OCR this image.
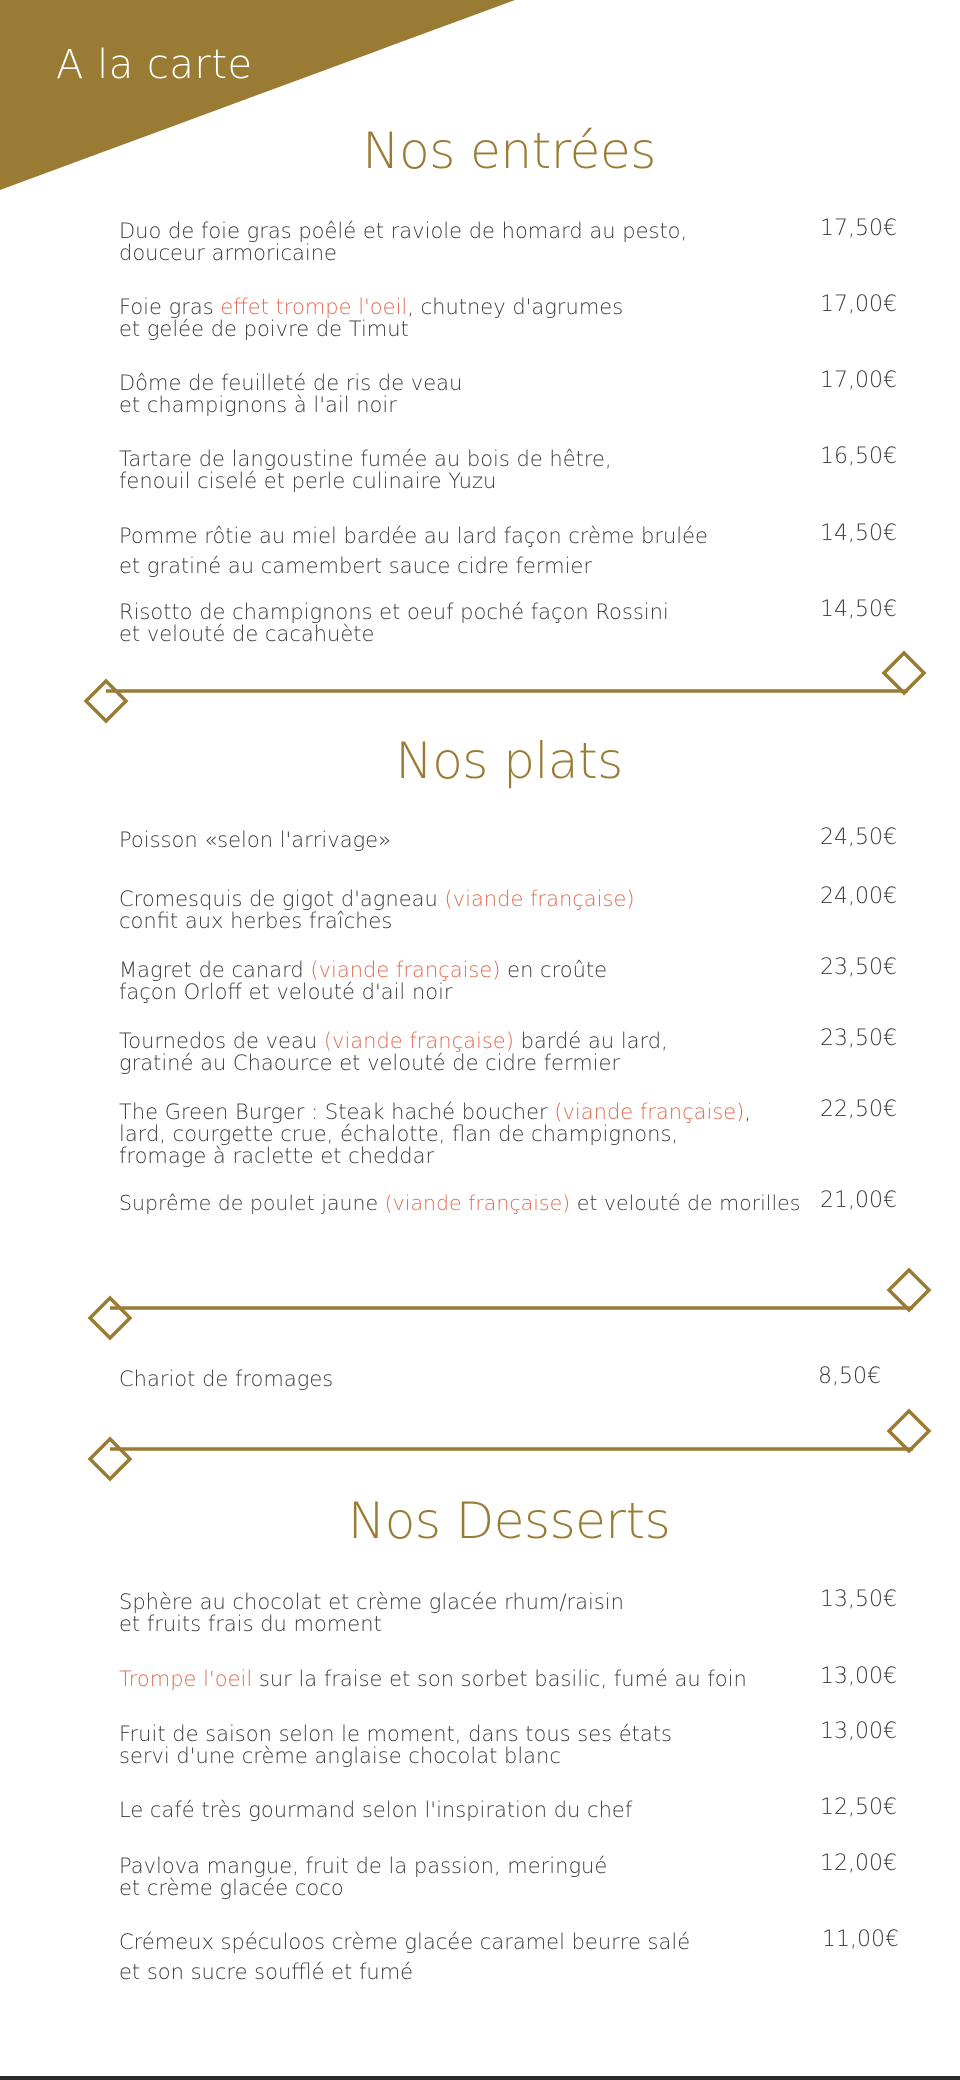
A la carte
Nos entrées
Duo de foie gras poêlé et raviole de homard au pesto,
douceur armoricaine
17,50€
Foie gras effet trompe l'oeil, chutney d'agrumes
et gelée de poivre de Timut
17,00€
Dôme de feuilleté de ris de veau
et champignons à l'ail noir
17,00€
Tartare de langoustine fumée au bois de hêtre,
fenouil ciselé et perle culinaire Yuzu
16,50€
Pomme rôtie au miel bardée au lard façon crème brulée
et gratiné au camembert sauce cidre fermier
14,50€
Risotto de champignons et oeuf poché façon Rossini
et velouté de cacahuète
14,50€
Nos plats
Poisson «selon l'arrivage»	24,50€
Cromesquis de gigot d'agneau (viande française)
confit aux herbes fraîches
24,00€
Magret de canard (viande française) en croûte
façon Orloff et velouté d'ail noir
23,50€
Tournedos de veau (viande française) bardé au lard,
gratiné au Chaource et velouté de cidre fermier
23,50€
The Green Burger : Steak haché boucher (viande française),
lard, courgette crue, échalotte, flan de champignons,
fromage à raclette et cheddar
22,50€
Suprême de poulet jaune (viande française) et velouté de morilles 21,00€
Chariot de fromages	8,50€
Nos Desserts
Sphère au chocolat et crème glacée rhum/raisin
et fruits frais du moment
13,50€
Trompe l'oeil sur la fraise et son sorbet basilic, fumé au foin	13,00€
Fruit de saison selon le moment, dans tous ses états
servi d'une crème anglaise chocolat blanc
13,00€
Le café très gourmand selon l'inspiration du chef	12,50€
Pavlova mangue, fruit de la passion, meringué
et crème glacée coco
12,00€
Crémeux spéculoos crème glacée caramel beurre salé
et son sucre soufflé et fumé
11,00€
